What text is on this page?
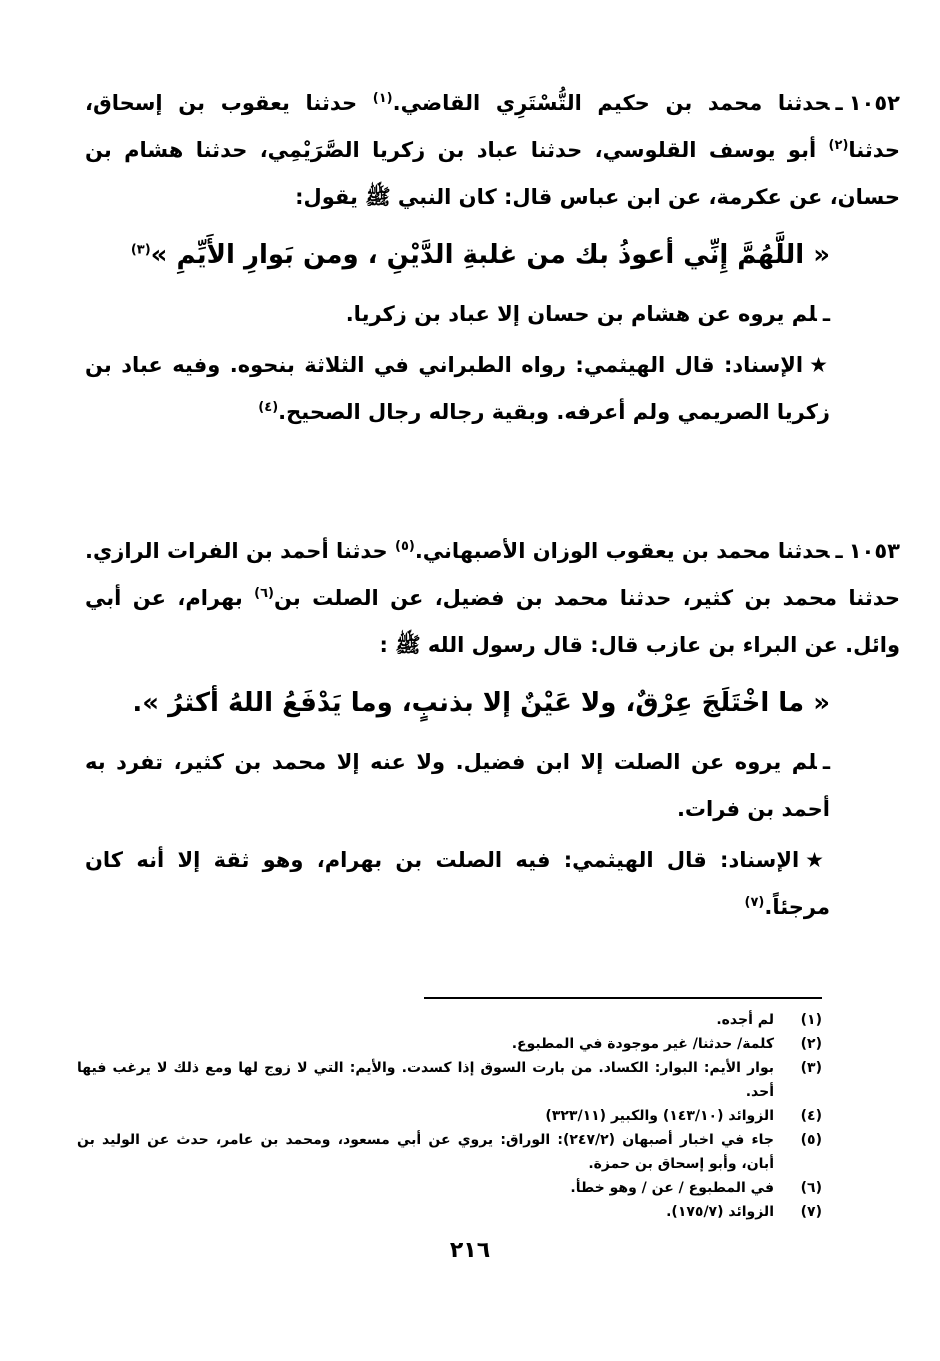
١٠٥٢ـحدثنا محمد بن حكيم التُّسْتَرِي القاضي.$^{(١)}$ حدثنا يعقوب بن إسحاق، حدثنا$^{(٢)}$ أبو يوسف القلوسي، حدثنا عباد بن زكريا الصَّرَيْمِي، حدثنا هشام بن حسان، عن عكرمة، عن ابن عباس قال: كان النبي ﷺ يقول:

« اللَّهُمَّ إِنِّي أعوذُ بك من غلبةِ الدَّيْنِ ، ومن بَوارِ الأَيِّمِ »$^{(٣)}$

ـلم يروه عن هشام بن حسان إلا عباد بن زكريا.

★الإسناد: قال الهيثمي: رواه الطبراني في الثلاثة بنحوه. وفيه عباد بن زكريا الصريمي ولم أعرفه. وبقية رجاله رجال الصحيح.$^{(٤)}$

١٠٥٣ـحدثنا محمد بن يعقوب الوزان الأصبهاني.$^{(٥)}$ حدثنا أحمد بن الفرات الرازي. حدثنا محمد بن كثير، حدثنا محمد بن فضيل، عن الصلت بن$^{(٦)}$ بهرام، عن أبي وائل. عن البراء بن عازب قال: قال رسول الله ﷺ :

« ما اخْتَلَجَ عِرْقٌ، ولا عَيْنٌ إلا بذنبٍ، وما يَدْفَعُ اللهُ أكثرُ ».

ـلم يروه عن الصلت إلا ابن فضيل. ولا عنه إلا محمد بن كثير، تفرد به أحمد بن فرات.

★الإسناد: قال الهيثمي: فيه الصلت بن بهرام، وهو ثقة إلا أنه كان مرجئاً.$^{(٧)}$

(١)
لم أجده.
(٢)
كلمة/ حدثنا/ غير موجودة في المطبوع.
(٣)
بوار الأيم: البوار: الكساد. من بارت السوق إذا كسدت. والأيم: التي لا زوج لها ومع ذلك لا يرغب فيها أحد.
(٤)
الزوائد (١٤٣/١٠) والكبير (٣٢٣/١١)
(٥)
جاء في اخبار أصبهان (٢٤٧/٢): الوراق: يروي عن أبي مسعود، ومحمد بن عامر، حدث عن الوليد بن أبان، وأبو إسحاق بن حمزة.
(٦)
في المطبوع / عن / وهو خطأ.
(٧)
الزوائد (١٧٥/٧).
٢١٦
